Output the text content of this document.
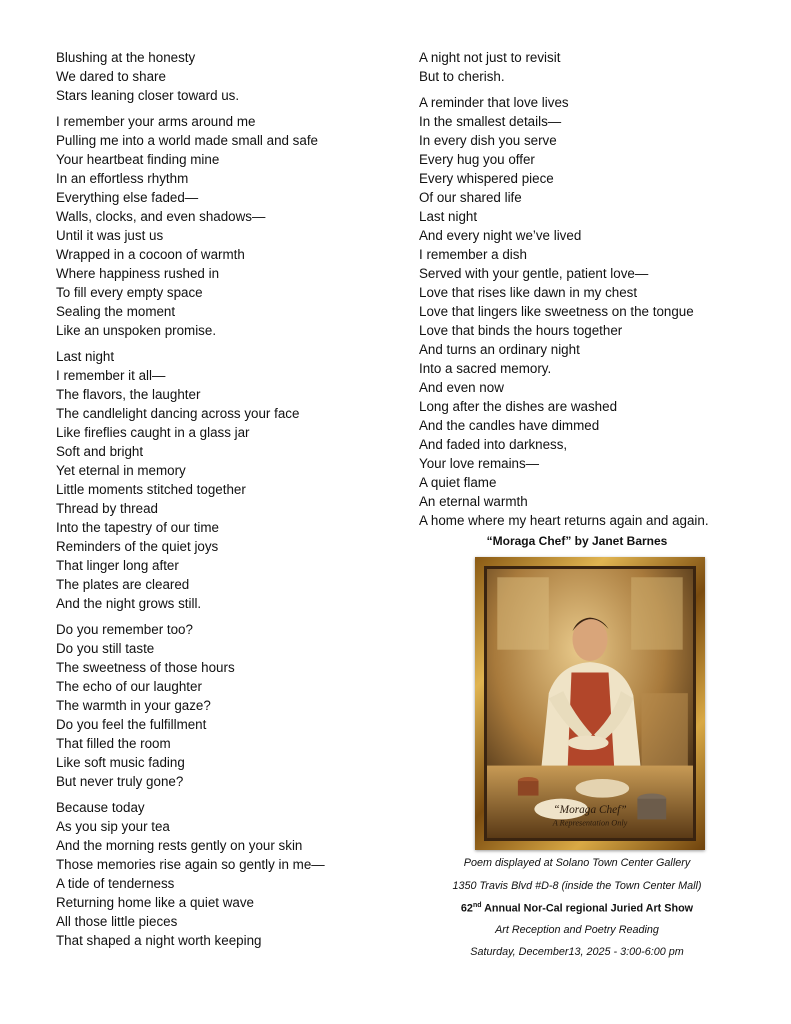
Blushing at the honesty
We dared to share
Stars leaning closer toward us.
I remember your arms around me
Pulling me into a world made small and safe
Your heartbeat finding mine
In an effortless rhythm
Everything else faded—
Walls, clocks, and even shadows—
Until it was just us
Wrapped in a cocoon of warmth
Where happiness rushed in
To fill every empty space
Sealing the moment
Like an unspoken promise.
Last night
I remember it all—
The flavors, the laughter
The candlelight dancing across your face
Like fireflies caught in a glass jar
Soft and bright
Yet eternal in memory
Little moments stitched together
Thread by thread
Into the tapestry of our time
Reminders of the quiet joys
That linger long after
The plates are cleared
And the night grows still.
Do you remember too?
Do you still taste
The sweetness of those hours
The echo of our laughter
The warmth in your gaze?
Do you feel the fulfillment
That filled the room
Like soft music fading
But never truly gone?
Because today
As you sip your tea
And the morning rests gently on your skin
Those memories rise again so gently in me—
A tide of tenderness
Returning home like a quiet wave
All those little pieces
That shaped a night worth keeping
A night not just to revisit
But to cherish.
A reminder that love lives
In the smallest details—
In every dish you serve
Every hug you offer
Every whispered piece
Of our shared life
Last night
And every night we’ve lived
I remember a dish
Served with your gentle, patient love—
Love that rises like dawn in my chest
Love that lingers like sweetness on the tongue
Love that binds the hours together
And turns an ordinary night
Into a sacred memory.
And even now
Long after the dishes are washed
And the candles have dimmed
And faded into darkness,
Your love remains—
A quiet flame
An eternal warmth
A home where my heart returns again and again.
“Moraga Chef” by Janet Barnes
“Moraga Chef”
A Representation Only
Poem displayed at Solano Town Center Gallery
1350 Travis Blvd #D-8 (inside the Town Center Mall)
62nd Annual Nor-Cal regional Juried Art Show
Art Reception and Poetry Reading
Saturday, December13, 2025 - 3:00-6:00 pm
